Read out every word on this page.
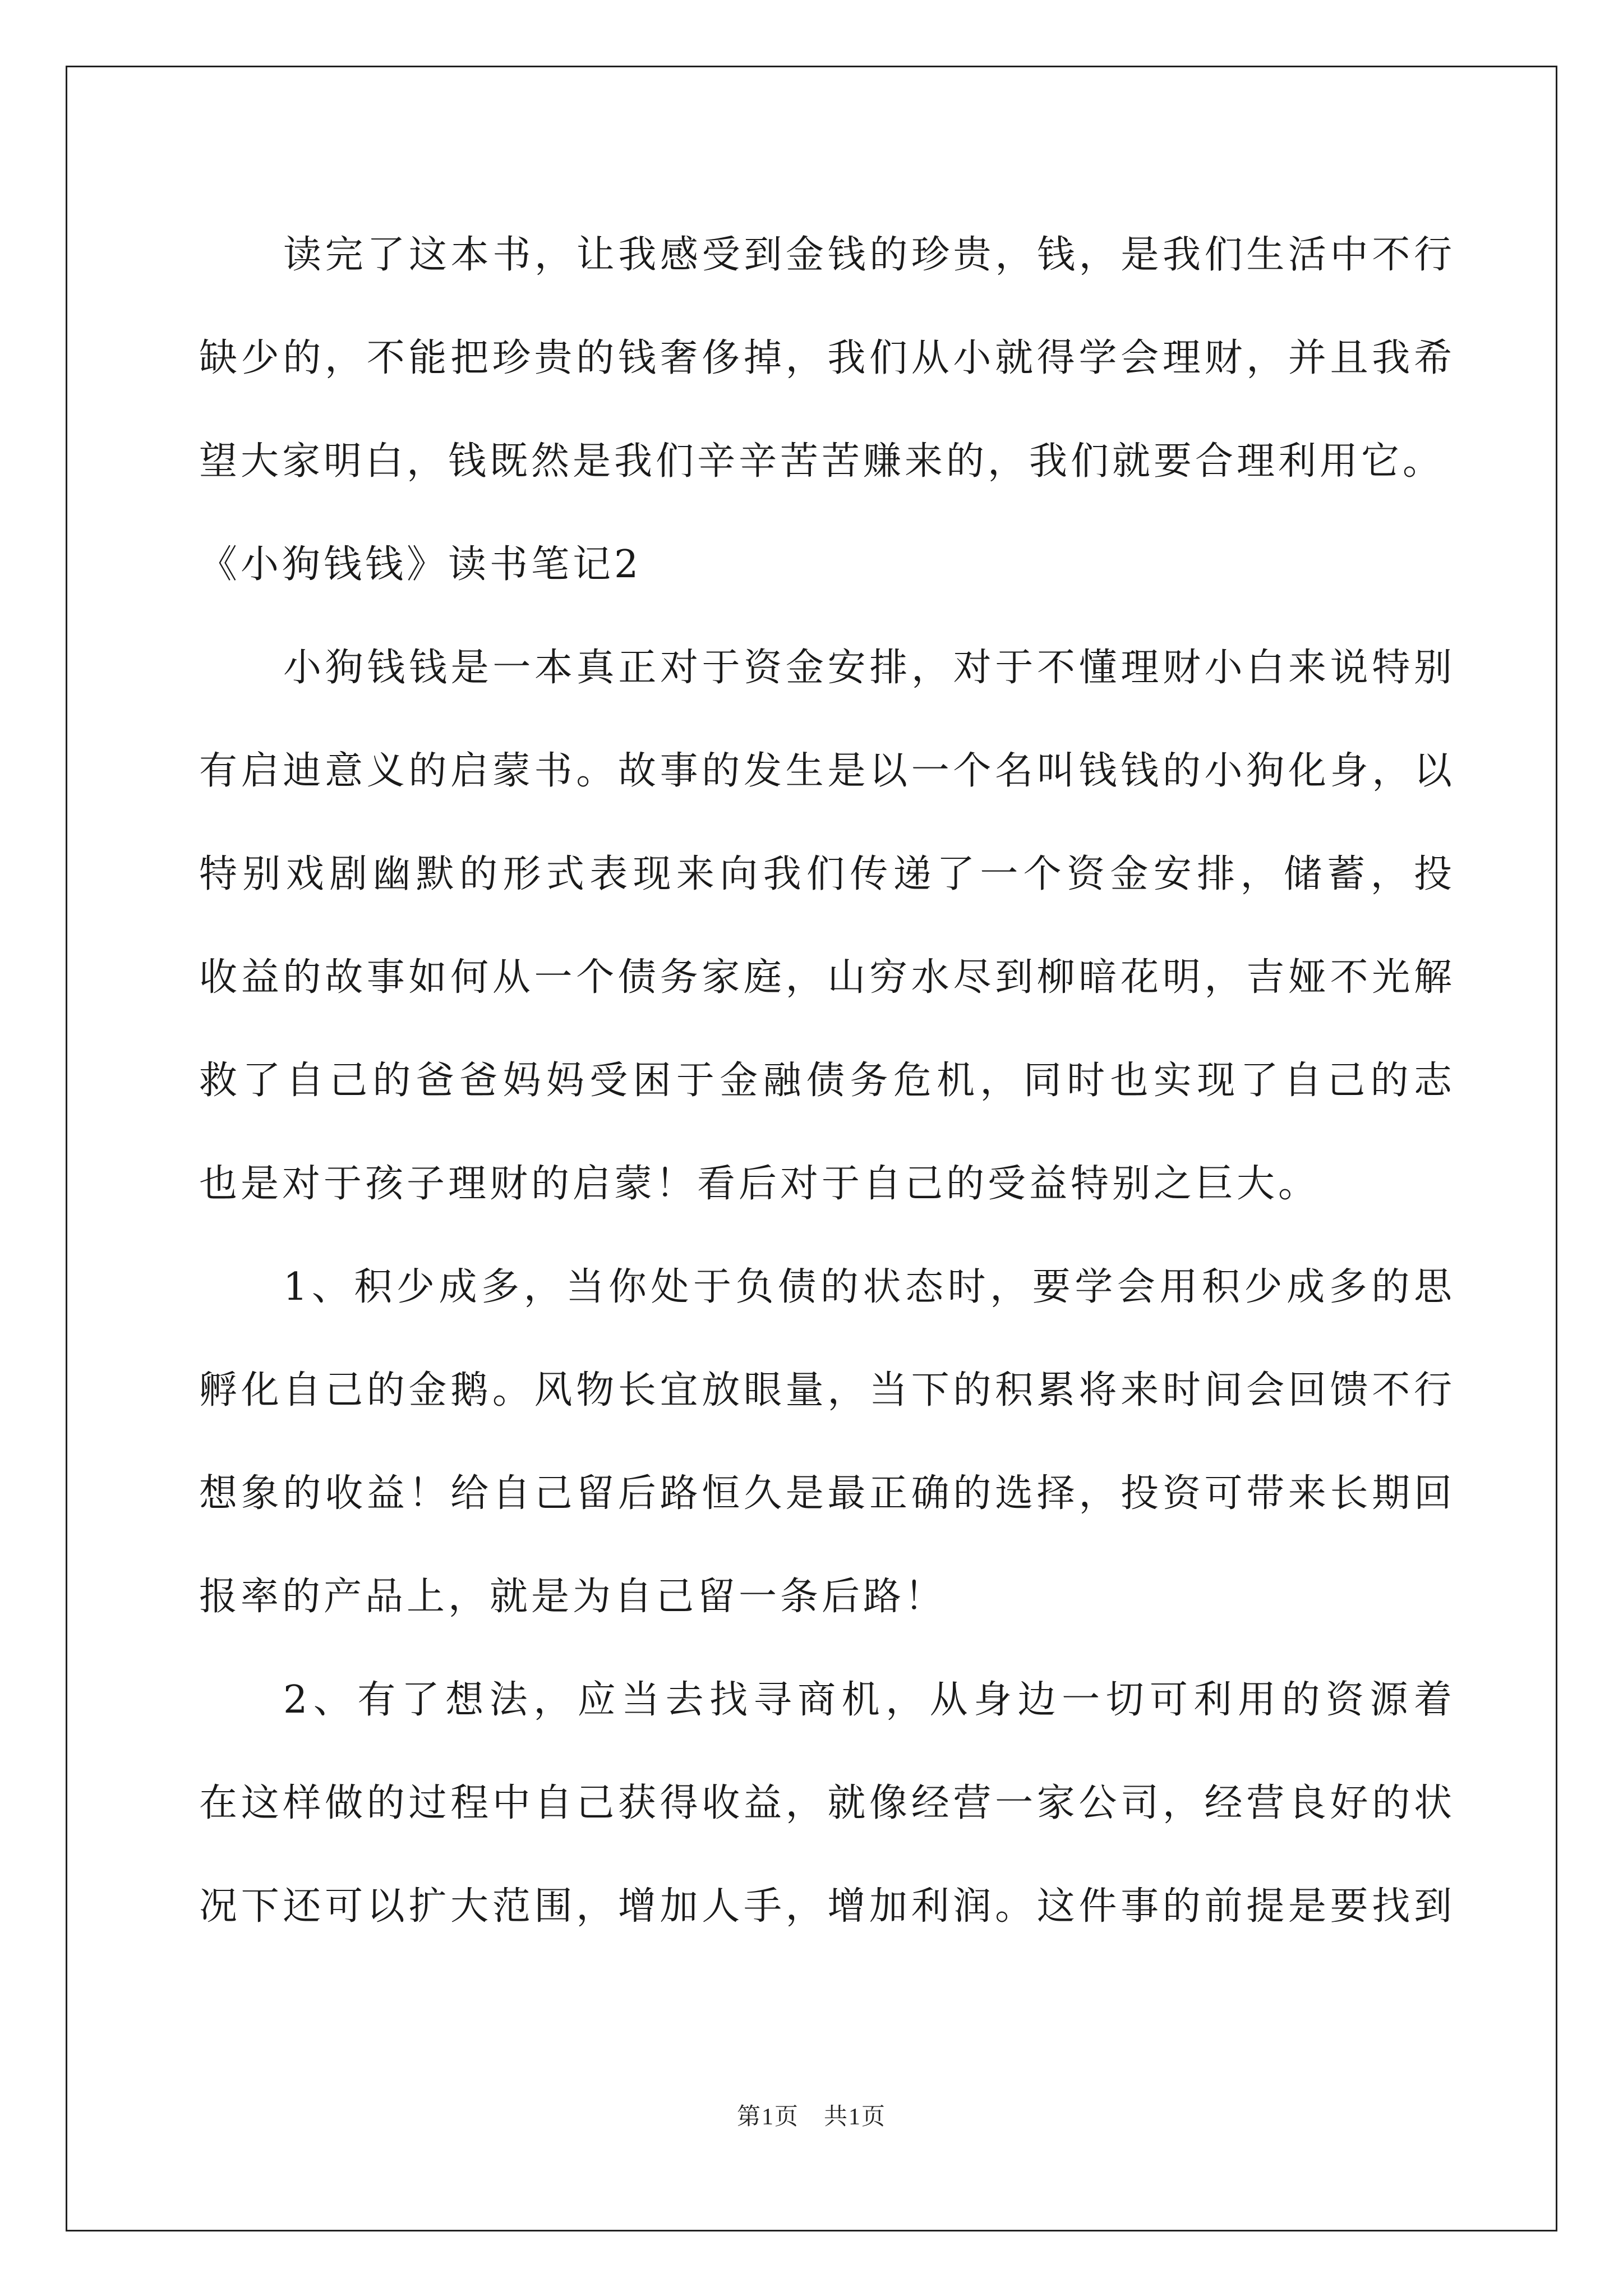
读完了这本书，让我感受到金钱的珍贵，钱，是我们生活中不行
缺少的，不能把珍贵的钱奢侈掉，我们从小就得学会理财，并且我希
望大家明白，钱既然是我们辛辛苦苦赚来的，我们就要合理利用它。
《小狗钱钱》读书笔记2
小狗钱钱是一本真正对于资金安排，对于不懂理财小白来说特别
有启迪意义的启蒙书。故事的发生是以一个名叫钱钱的小狗化身，以
特别戏剧幽默的形式表现来向我们传递了一个资金安排，储蓄，投
收益的故事如何从一个债务家庭，山穷水尽到柳暗花明，吉娅不光解
救了自己的爸爸妈妈受困于金融债务危机，同时也实现了自己的志
也是对于孩子理财的启蒙！看后对于自己的受益特别之巨大。
1、积少成多，当你处于负债的状态时，要学会用积少成多的思
孵化自己的金鹅。风物长宜放眼量，当下的积累将来时间会回馈不行
想象的收益！给自己留后路恒久是最正确的选择，投资可带来长期回
报率的产品上，就是为自己留一条后路！
2、有了想法，应当去找寻商机，从身边一切可利用的资源着
在这样做的过程中自己获得收益，就像经营一家公司，经营良好的状
况下还可以扩大范围，增加人手，增加利润。这件事的前提是要找到
第1页　共1页
